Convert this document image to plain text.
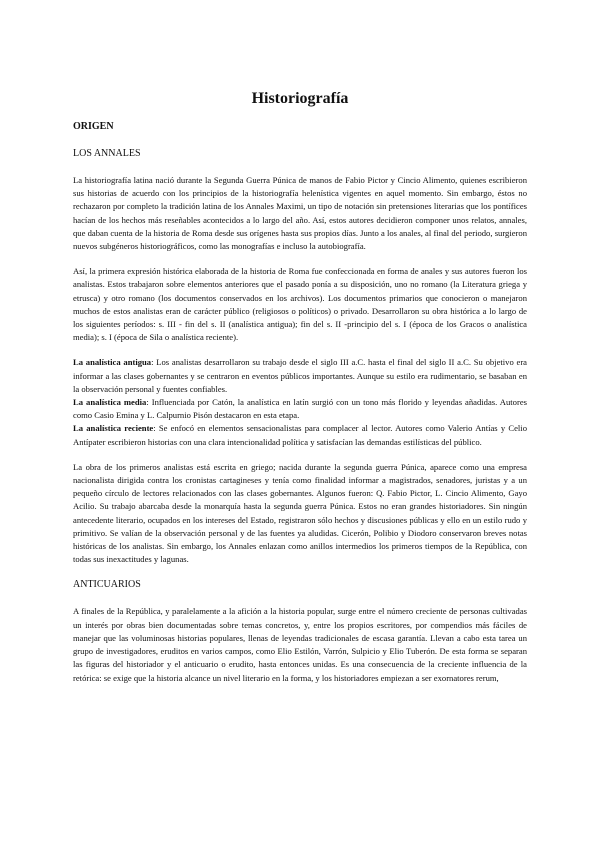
Historiografía
ORIGEN
LOS ANNALES

La historiografía latina nació durante la Segunda Guerra Púnica de manos de Fabio Pictor y Cincio Alimento, quienes escribieron sus historias de acuerdo con los principios de la historiografía helenística vigentes en aquel momento. Sin embargo, éstos no rechazaron por completo la tradición latina de los Annales Maximi, un tipo de notación sin pretensiones literarias que los pontífices hacían de los hechos más reseñables acontecidos a lo largo del año. Así, estos autores decidieron componer unos relatos, annales, que daban cuenta de la historia de Roma desde sus orígenes hasta sus propios días. Junto a los anales, al final del periodo, surgieron nuevos subgéneros historiográficos, como las monografías e incluso la autobiografía.

Así, la primera expresión histórica elaborada de la historia de Roma fue confeccionada en forma de anales y sus autores fueron los analistas. Estos trabajaron sobre elementos anteriores que el pasado ponía a su disposición, uno no romano (la Literatura griega y etrusca) y otro romano (los documentos conservados en los archivos). Los documentos primarios que conocieron o manejaron muchos de estos analistas eran de carácter público (religiosos o políticos) o privado. Desarrollaron su obra histórica a lo largo de los siguientes períodos: s. III - fin del s. II (analística antigua); fin del s. II -principio del s. I (época de los Gracos o analística media); s. I (época de Sila o analística reciente).

La analística antigua: Los analistas desarrollaron su trabajo desde el siglo III a.C. hasta el final del siglo II a.C. Su objetivo era informar a las clases gobernantes y se centraron en eventos públicos importantes. Aunque su estilo era rudimentario, se basaban en la observación personal y fuentes confiables.

La analística media: Influenciada por Catón, la analística en latín surgió con un tono más florido y leyendas añadidas. Autores como Casio Emina y L. Calpurnio Pisón destacaron en esta etapa.

La analística reciente: Se enfocó en elementos sensacionalistas para complacer al lector. Autores como Valerio Antías y Celio Antípater escribieron historias con una clara intencionalidad política y satisfacían las demandas estilísticas del público.

La obra de los primeros analistas está escrita en griego; nacida durante la segunda guerra Púnica, aparece como una empresa nacionalista dirigida contra los cronistas cartagineses y tenía como finalidad informar a magistrados, senadores, juristas y a un pequeño círculo de lectores relacionados con las clases gobernantes. Algunos fueron: Q. Fabio Pictor, L. Cincio Alimento, Gayo Acilio. Su trabajo abarcaba desde la monarquía hasta la segunda guerra Púnica. Estos no eran grandes historiadores. Sin ningún antecedente literario, ocupados en los intereses del Estado, registraron sólo hechos y discusiones públicas y ello en un estilo rudo y primitivo. Se valían de la observación personal y de las fuentes ya aludidas. Cicerón, Polibio y Diodoro conservaron breves notas históricas de los analistas. Sin embargo, los Annales enlazan como anillos intermedios los primeros tiempos de la República, con todas sus inexactitudes y lagunas.

ANTICUARIOS

A finales de la República, y paralelamente a la afición a la historia popular, surge entre el número creciente de personas cultivadas un interés por obras bien documentadas sobre temas concretos, y, entre los propios escritores, por compendios más fáciles de manejar que las voluminosas historias populares, llenas de leyendas tradicionales de escasa garantía. Llevan a cabo esta tarea un grupo de investigadores, eruditos en varios campos, como Elio Estilón, Varrón, Sulpicio y Elio Tuberón. De esta forma se separan las figuras del historiador y el anticuario o erudito, hasta entonces unidas. Es una consecuencia de la creciente influencia de la retórica: se exige que la historia alcance un nivel literario en la forma, y los historiadores empiezan a ser exornatores rerum,
